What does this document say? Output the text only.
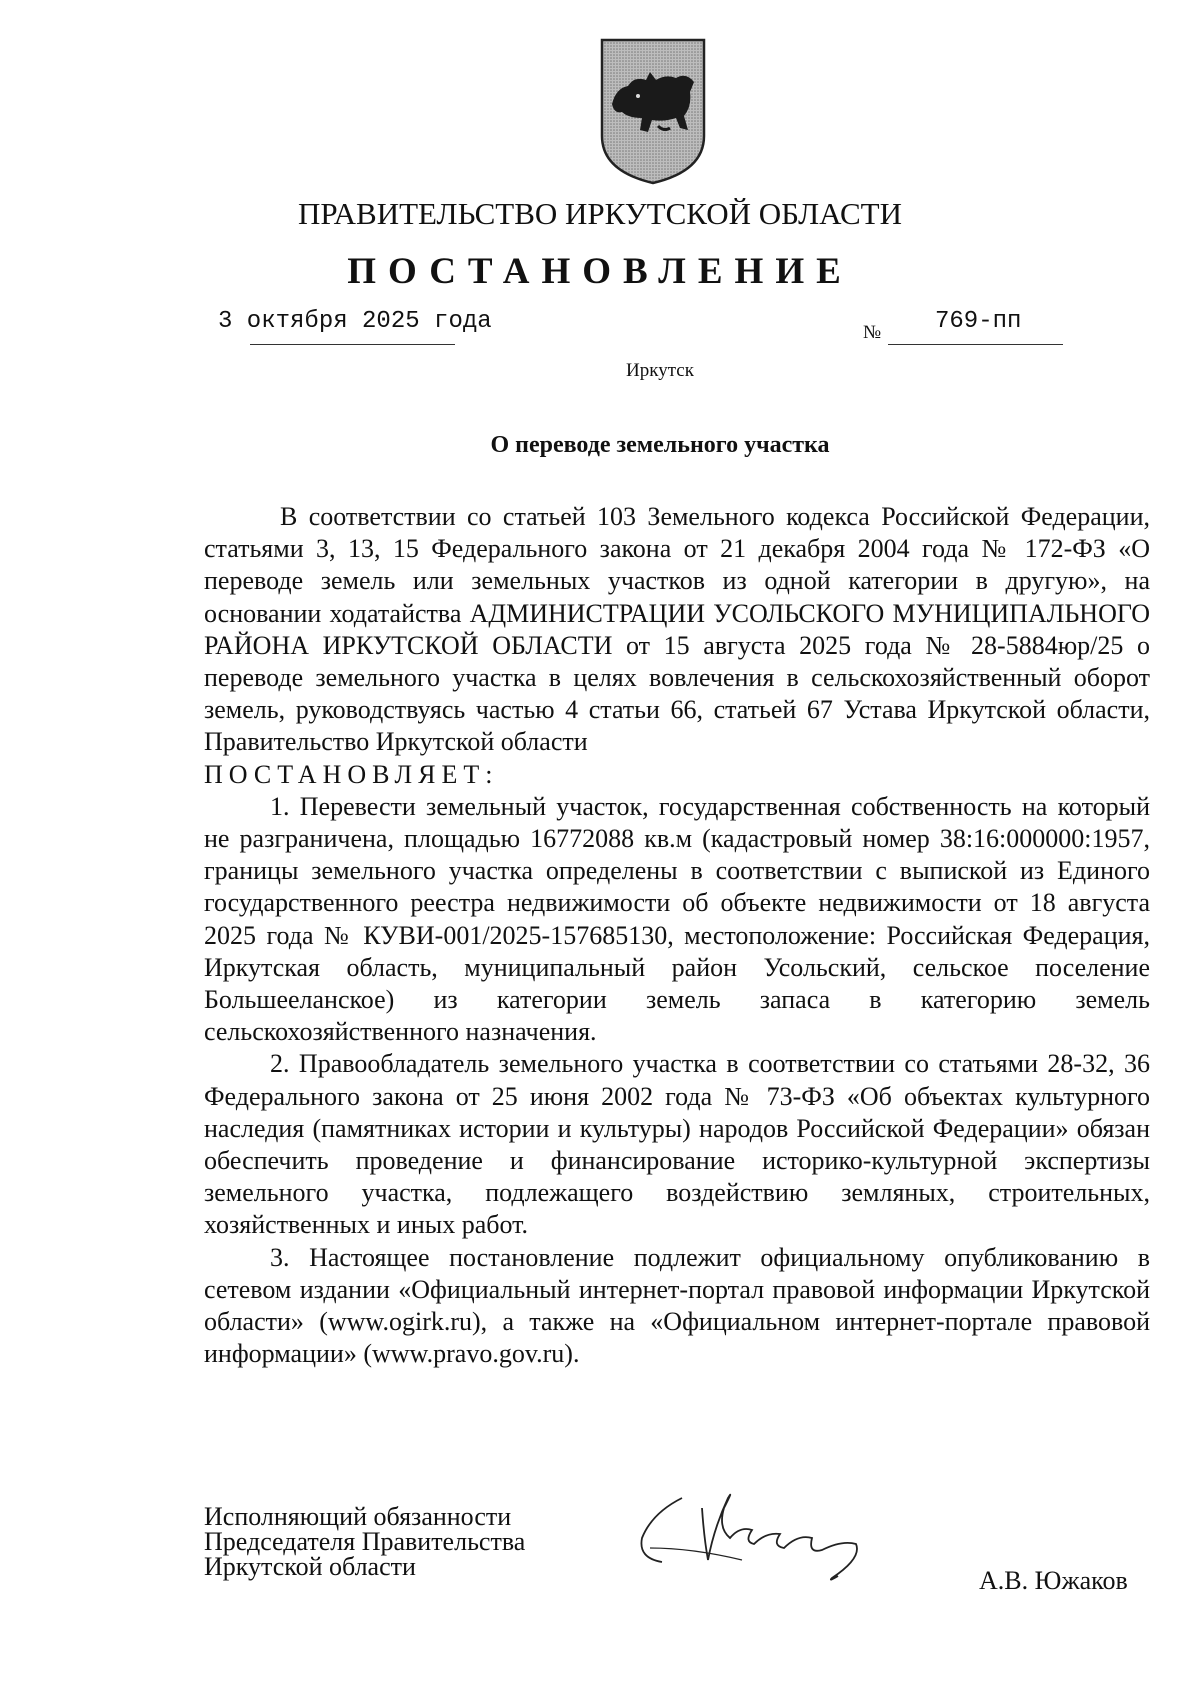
ПРАВИТЕЛЬСТВО ИРКУТСКОЙ ОБЛАСТИ
ПОСТАНОВЛЕНИЕ
3 октября 2025 года	№ 769-пп
Иркутск
О переводе земельного участка

В соответствии со статьей 103 Земельного кодекса Российской Федерации, статьями 3, 13, 15 Федерального закона от 21 декабря 2004 года № 172-ФЗ «О переводе земель или земельных участков из одной категории в другую», на основании ходатайства АДМИНИСТРАЦИИ УСОЛЬСКОГО МУНИЦИПАЛЬНОГО РАЙОНА ИРКУТСКОЙ ОБЛАСТИ от 15 августа 2025 года № 28-5884юр/25 о переводе земельного участка в целях вовлечения в сельскохозяйственный оборот земель, руководствуясь частью 4 статьи 66, статьей 67 Устава Иркутской области, Правительство Иркутской области

ПОСТАНОВЛЯЕТ:

1. Перевести земельный участок, государственная собственность на который не разграничена, площадью 16772088 кв.м (кадастровый номер 38:16:000000:1957, границы земельного участка определены в соответствии с выпиской из Единого государственного реестра недвижимости об объекте недвижимости от 18 августа 2025 года № КУВИ-001/2025-157685130, местоположение: Российская Федерация, Иркутская область, муниципальный район Усольский, сельское поселение Большееланское) из категории земель запаса в категорию земель сельскохозяйственного назначения.

2. Правообладатель земельного участка в соответствии со статьями 28-32, 36 Федерального закона от 25 июня 2002 года № 73-ФЗ «Об объектах культурного наследия (памятниках истории и культуры) народов Российской Федерации» обязан обеспечить проведение и финансирование историко-культурной экспертизы земельного участка, подлежащего воздействию земляных, строительных, хозяйственных и иных работ.

3. Настоящее постановление подлежит официальному опубликованию в сетевом издании «Официальный интернет-портал правовой информации Иркутской области» (www.ogirk.ru), а также на «Официальном интернет-портале правовой информации» (www.pravo.gov.ru).

Исполняющий обязанности
Председателя Правительства
Иркутской области	А.В. Южаков
